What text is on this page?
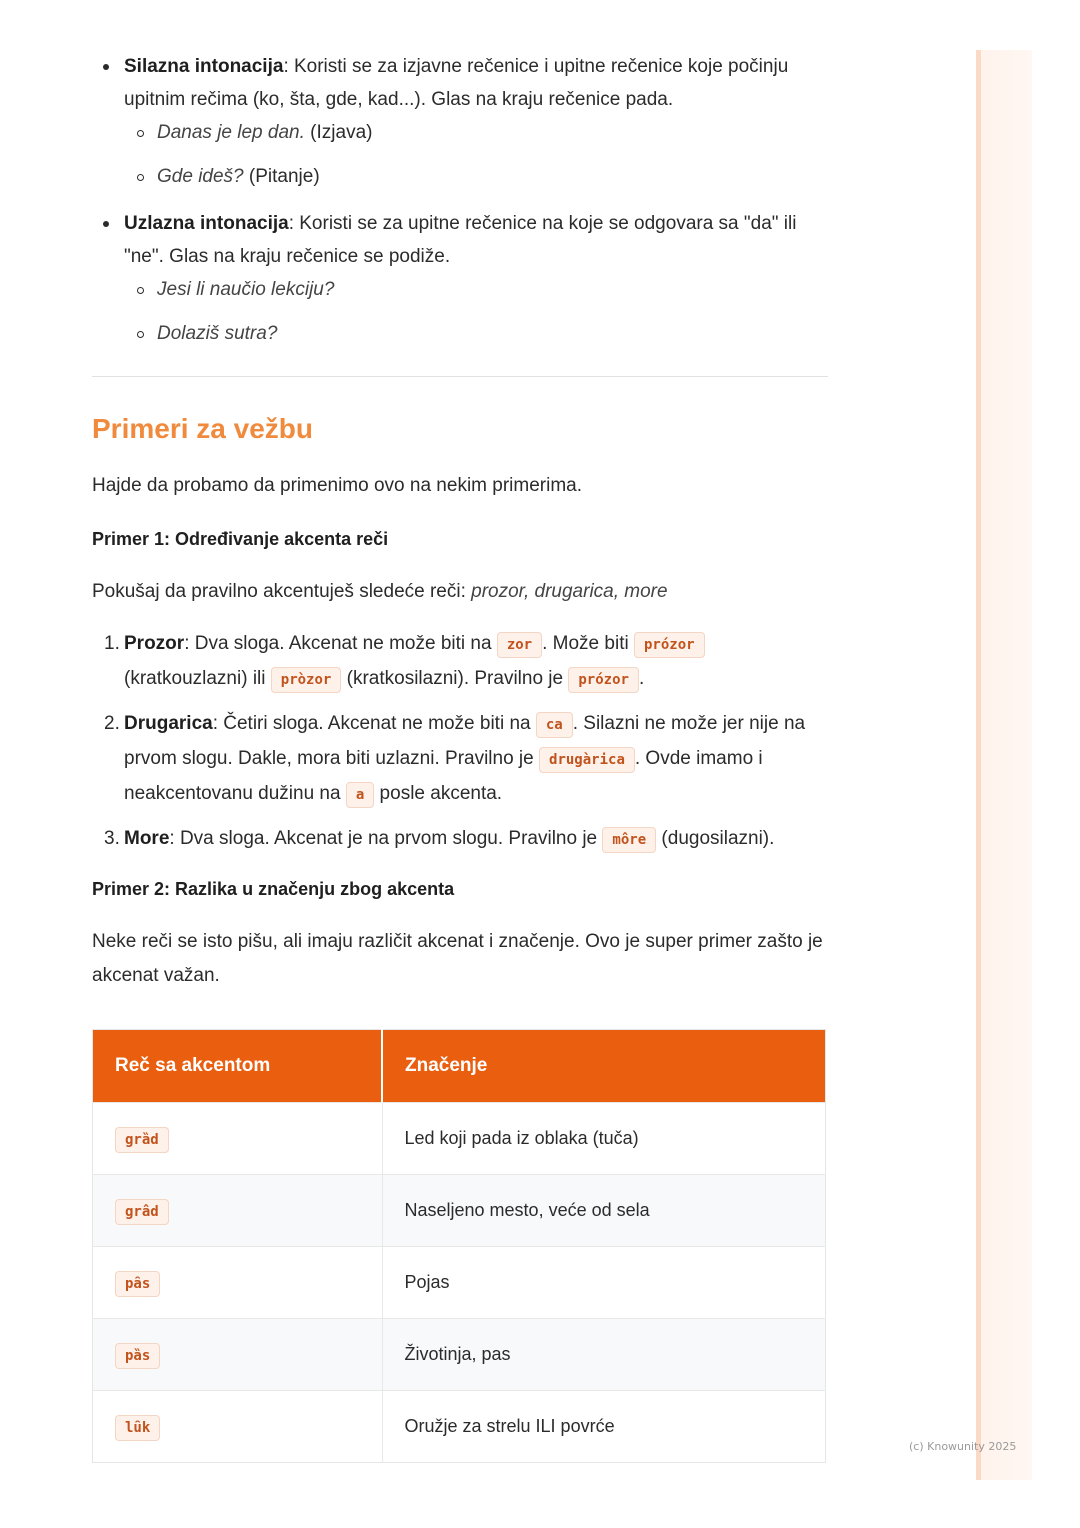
(c) Knowunity 2025
Silazna intonacija: Koristi se za izjavne rečenice i upitne rečenice koje počinju upitnim rečima (ko, šta, gde, kad...). Glas na kraju rečenice pada.
Danas je lep dan. (Izjava)
Gde ideš? (Pitanje)
Uzlazna intonacija: Koristi se za upitne rečenice na koje se odgovara sa "da" ili "ne". Glas na kraju rečenice se podiže.
Jesi li naučio lekciju?
Dolaziš sutra?
Primeri za vežbu

Hajde da probamo da primenimo ovo na nekim primerima.

Primer 1: Određivanje akcenta reči

Pokušaj da pravilno akcentuješ sledeće reči: prozor, drugarica, more

1. Prozor: Dva sloga. Akcenat ne može biti na zor . Može biti prózor (kratkouzlazni) ili pròzor (kratkosilazni). Pravilno je prózor .
2. Drugarica: Četiri sloga. Akcenat ne može biti na ca . Silazni ne može jer nije na prvom slogu. Dakle, mora biti uzlazni. Pravilno je drugàrica . Ovde imamo i neakcentovanu dužinu na a posle akcenta.
3. More: Dva sloga. Akcenat je na prvom slogu. Pravilno je môre (dugosilazni).
Primer 2: Razlika u značenju zbog akcenta

Neke reči se isto pišu, ali imaju različit akcenat i značenje. Ovo je super primer zašto je akcenat važan.

Reč sa akcentom	Značenje
grȁd	Led koji pada iz oblaka (tuča)
grâd	Naseljeno mesto, veće od sela
pȃs	Pojas
pȁs	Životinja, pas
lȗk	Oružje za strelu ILI povrće
